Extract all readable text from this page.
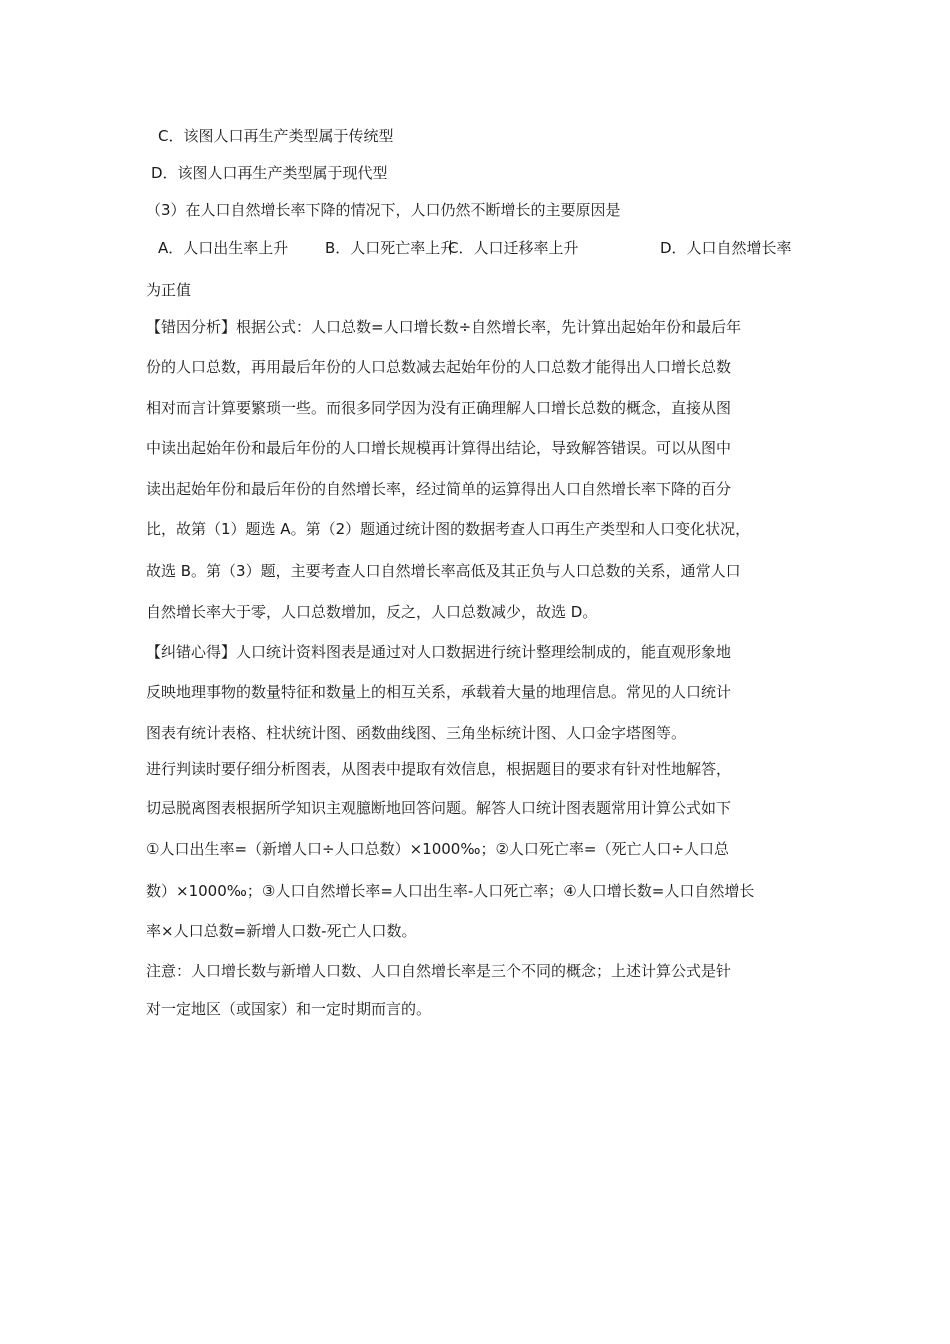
C．该图人口再生产类型属于传统型
D．该图人口再生产类型属于现代型
（3）在人口自然增长率下降的情况下，人口仍然不断增长的主要原因是
A．人口出生率上升 B．人口死亡率上升
C．人口迁移率上升	D．人口自然增长率
为正值
【错因分析】根据公式：人口总数=人口增长数÷自然增长率，先计算出起始年份和最后年
份的人口总数，再用最后年份的人口总数减去起始年份的人口总数才能得出人口增长总数
相对而言计算要繁琐一些。而很多同学因为没有正确理解人口增长总数的概念，直接从图
中读出起始年份和最后年份的人口增长规模再计算得出结论，导致解答错误。可以从图中
读出起始年份和最后年份的自然增长率，经过简单的运算得出人口自然增长率下降的百分
比，故第（1）题选 A。第（2）题通过统计图的数据考查人口再生产类型和人口变化状况，
故选 B。第（3）题，主要考查人口自然增长率高低及其正负与人口总数的关系，通常人口
自然增长率大于零，人口总数增加，反之，人口总数减少，故选 D。
【纠错心得】人口统计资料图表是通过对人口数据进行统计整理绘制成的，能直观形象地
反映地理事物的数量特征和数量上的相互关系，承载着大量的地理信息。常见的人口统计
图表有统计表格、柱状统计图、函数曲线图、三角坐标统计图、人口金字塔图等。
进行判读时要仔细分析图表，从图表中提取有效信息，根据题目的要求有针对性地解答，
切忌脱离图表根据所学知识主观臆断地回答问题。解答人口统计图表题常用计算公式如下
①人口出生率=（新增人口÷人口总数）×1000‰；②人口死亡率=（死亡人口÷人口总
数）×1000‰；③人口自然增长率=人口出生率-人口死亡率；④人口增长数=人口自然增长
率×人口总数=新增人口数-死亡人口数。
注意：人口增长数与新增人口数、人口自然增长率是三个不同的概念；上述计算公式是针
对一定地区（或国家）和一定时期而言的。
